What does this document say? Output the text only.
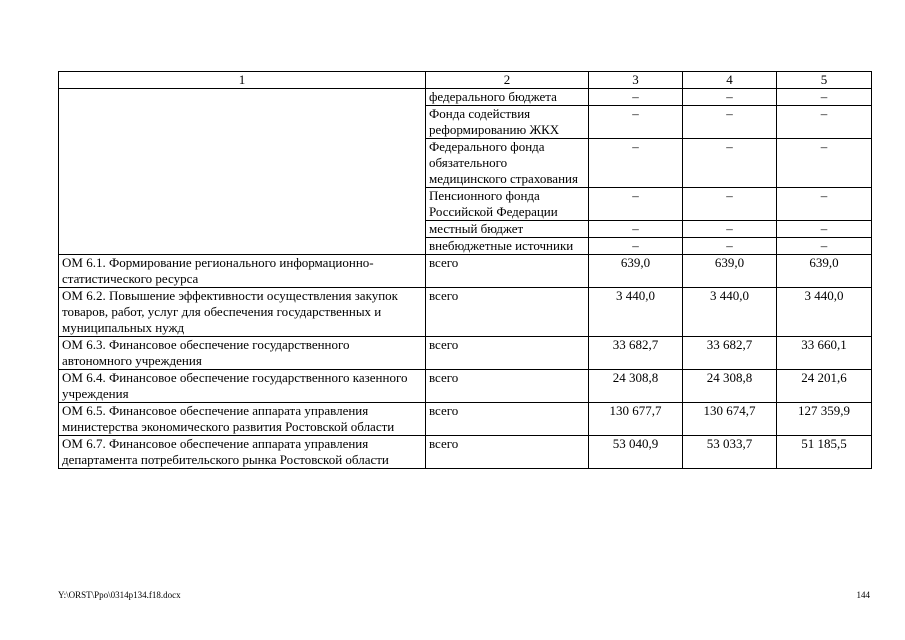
1	2	3	4	5
	федерального бюджета	–	–	–
	Фонда содействия реформированию ЖКХ	–	–	–
	Федерального фонда обязательного медицинского страхования	–	–	–
	Пенсионного фонда Российской Федерации	–	–	–
	местный бюджет	–	–	–
	внебюджетные источники	–	–	–
ОМ 6.1. Формирование регионального информационно-статистического ресурса	всего	639,0	639,0	639,0
ОМ 6.2. Повышение эффективности осуществления закупок товаров, работ, услуг для обеспечения государственных и муниципальных нужд	всего	3 440,0	3 440,0	3 440,0
ОМ 6.3. Финансовое обеспечение государственного автономного учреждения	всего	33 682,7	33 682,7	33 660,1
ОМ 6.4. Финансовое обеспечение государственного казенного учреждения	всего	24 308,8	24 308,8	24 201,6
ОМ 6.5. Финансовое обеспечение аппарата управления министерства экономического развития Ростовской области	всего	130 677,7	130 674,7	127 359,9
ОМ 6.7. Финансовое обеспечение аппарата управления департамента потребительского рынка Ростовской области	всего	53 040,9	53 033,7	51 185,5
Y:\ORST\Ppo\0314p134.f18.docx	144
